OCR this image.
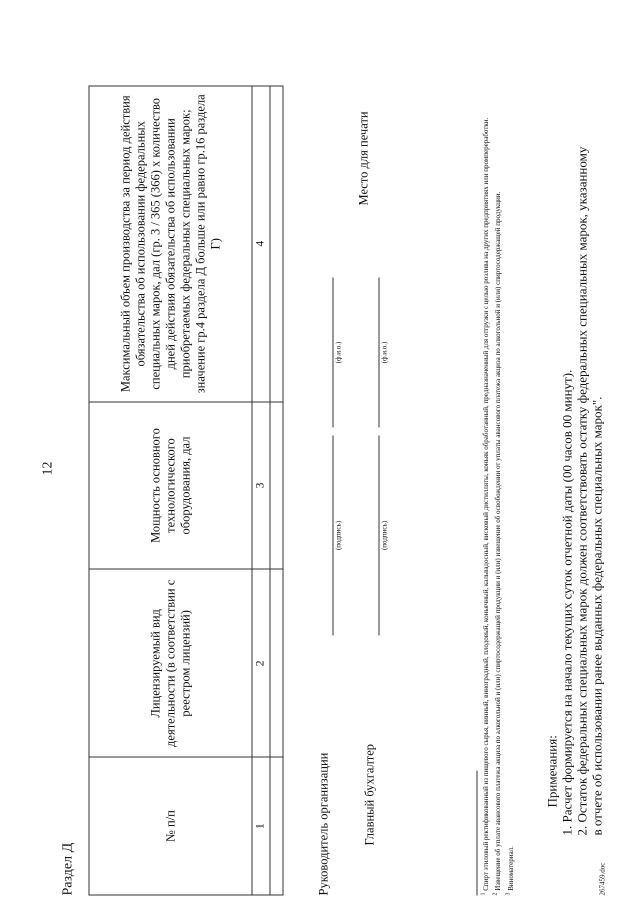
12
Раздел Д
№ п/п	Лицензируемый вид деятельности (в соответствии с реестром лицензий)	Мощность основного технологического оборудования, дал	Максимальный объем производства за период действия обязательства об использовании федеральных специальных марок, дал (гр. 3 / 365 (366) х количество дней действия обязательства об использовании приобретаемых федеральных специальных марок; значение гр.4 раздела Д больше или равно гр.16 раздела Г)
1	2	3	4

Руководитель организации
(подпись)
(ф.и.о.)
Главный бухгалтер
(подпись)
(ф.и.о.)
Место для печати
$^1$ Спирт этиловый ректификованный из пищевого сырья, винный, виноградный, плодовый, коньячный, кальвадосный, висковый дистилляты, коньяк обработанный, предназначенный для отгрузки с целью розлива на других предприятиях или промпереработки.
$^2$ Извещение об уплате авансового платежа акциза по алкогольной и (или) спиртосодержащей продукции и (или) извещение об освобождении от уплаты авансового платежа акциза по алкогольной и (или) спиртосодержащей продукции.
$^3$ Виноматериал.
Примечания: 1. Расчет формируется на начало текущих суток отчетной даты (00 часов 00 минут). 2. Остаток федеральных специальных марок должен соответствовать остатку федеральных специальных марок, указанному в отчете об использовании ранее выданных федеральных специальных марок".
267459.doc
